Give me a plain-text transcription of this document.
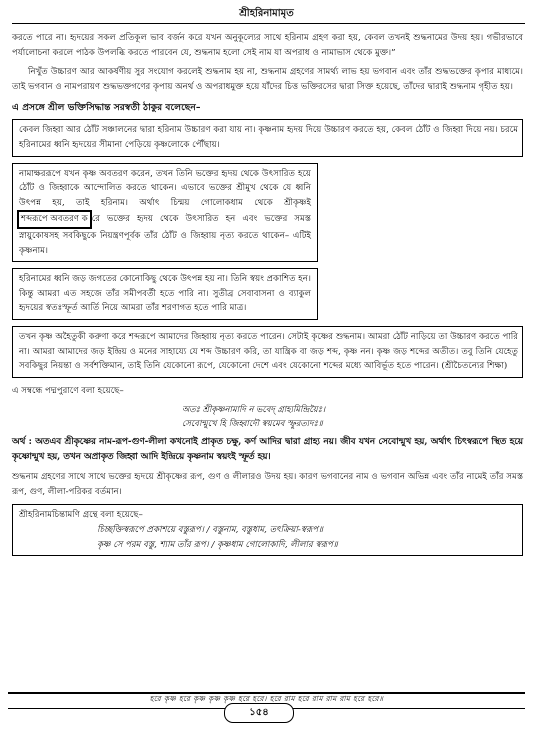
শ্রীহরিনামামৃত

করতে পারে না। হৃদয়ের সকল প্রতিকূল ভাব বর্জন করে যখন অনুকূল্যের সাথে হরিনাম গ্রহণ করা হয়, কেবল তখনই শুদ্ধনামের উদয় হয়। গভীরভাবে পর্যালোচনা করলে পাঠক উপলব্ধি করতে পারবেন যে, শুদ্ধনাম হলো সেই নাম যা অপরাধ ও নামাভাস থেকে মুক্ত।”

নিখুঁত উচ্চারণ আর আকর্ষণীয় সুর সংযোগ করলেই শুদ্ধনাম হয় না, শুদ্ধনাম গ্রহণের সামর্থ্য লাভ হয় ভগবান এবং তাঁর শুদ্ধভক্তের কৃপার মাধ্যমে। তাই ভগবান ও নামপরায়ণ শুদ্ধভক্তগণের কৃপায় অনর্থ ও অপরাধমুক্ত হয়ে যাঁদের চিত্ত ভক্তিরসের দ্বারা সিক্ত হয়েছে, তাঁদের দ্বারাই শুদ্ধনাম গৃহীত হয়।

এ প্রসঙ্গে শ্রীল ভক্তিসিদ্ধান্ত সরস্বতী ঠাকুর বলেছেন–

কেবল জিহ্বা আর ঠোঁট সঞ্চালনের দ্বারা হরিনাম উচ্চারণ করা যায় না। কৃষ্ণনাম হৃদয় দিয়ে উচ্চারণ করতে হয়, কেবল ঠোঁট ও জিহ্বা দিয়ে নয়। চরমে হরিনামের ধ্বনি হৃদয়ের সীমানা পেড়িয়ে কৃষ্ণলোকে পৌঁছায়।

নামাক্ষররূপে যখন কৃষ্ণ অবতরণ করেন, তখন তিনি ভক্তের হৃদয় থেকে উৎসারিত হয়ে ঠোঁট ও জিহ্বাকে আন্দোলিত করতে থাকেন। এভাবে ভক্তের শ্রীমুখ থেকে যে ধ্বনি উৎপন্ন হয়, তাই হরিনাম। অর্থাৎ চিন্ময় গোলোকধাম থেকে শ্রীকৃষ্ণই শব্দরূপে অবতরণ ক রে ভক্তের হৃদয় থেকে উৎসারিত হন এবং ভক্তের সমস্ত স্নায়ুকোষসহ সবকিছুকে নিয়ন্ত্রণপূর্বক তাঁর ঠোঁট ও জিহ্বায় নৃত্য করতে থাকেন– এটিই কৃষ্ণনাম।

হরিনামের ধ্বনি জড় জগতের কোনোকিছু থেকে উৎপন্ন হয় না। তিনি স্বয়ং প্রকাশিত হন। কিন্তু আমরা এত সহজে তাঁর সমীপবর্তী হতে পারি না। সুতীব্র সেবাবাসনা ও ব্যাকুল হৃদয়ের স্বতঃস্ফূর্ত আর্তি নিয়ে আমরা তাঁর শরণাগত হতে পারি মাত্র।

তখন কৃষ্ণ অহৈতুকী করুণা করে শব্দরূপে আমাদের জিহ্বায় নৃত্য করতে পারেন। সেটাই কৃষ্ণের শুদ্ধনাম। আমরা ঠোঁট নাড়িয়ে তা উচ্চারণ করতে পারি না। আমরা আমাদের জড় ইন্দ্রিয় ও মনের সাহায্যে যে শব্দ উচ্চারণ করি, তা যান্ত্রিক বা জড় শব্দ, কৃষ্ণ নন। কৃষ্ণ জড় শব্দের অতীত। তবু তিনি যেহেতু সবকিছুর নিয়ন্তা ও সর্বশক্তিমান, তাই তিনি যেকোনো রূপে, যেকোনো দেশে এবং যেকোনো শব্দের মধ্যে আবির্ভূত হতে পারেন। (শ্রীচৈতন্যের শিক্ষা)

এ সম্বন্ধে পদ্মপুরাণে বলা হয়েছে–

অতঃ শ্রীকৃষ্ণনামাদি ন ভবেদ্ গ্রাহ্যমিন্দ্রিয়ৈঃ।
সেবোন্মুখে হি জিহ্বাদৌ স্বয়মেব স্ফুরত্যদঃ॥

অর্থ : অতএব শ্রীকৃষ্ণের নাম-রূপ-গুণ-লীলা কখনোই প্রাকৃত চক্ষু, কর্ণ আদির দ্বারা গ্রাহ্য নয়। জীব যখন সেবোন্মুখ হয়, অর্থাৎ চিৎস্বরূপে স্থিত হয়ে কৃষ্ণোন্মুখ হয়, তখন অপ্রাকৃত জিহ্বা আদি ইন্দ্রিয়ে কৃষ্ণনাম স্বয়ংই স্ফূর্ত হয়।

শুদ্ধনাম গ্রহণের সাথে সাথে ভক্তের হৃদয়ে শ্রীকৃষ্ণের রূপ, গুণ ও লীলারও উদয় হয়। কারণ ভগবানের নাম ও ভগবান অভিন্ন এবং তাঁর নামেই তাঁর সমস্ত রূপ, গুণ, লীলা-পরিকর বর্তমান।

শ্রীহরিনামচিন্তামণি গ্রন্থে বলা হয়েছে–

চিচ্ছক্তিস্বরূপে প্রকাশয়ে বস্তুরূপ। / বস্তুনাম, বস্তুধাম, তৎক্রিয়া-স্বরূপ॥

কৃষ্ণ সে পরম বস্তু, শ্যাম তাঁর রূপ। / কৃষ্ণধাম গোলোকাদি, লীলার স্বরূপ॥

হরে কৃষ্ণ হরে কৃষ্ণ কৃষ্ণ কৃষ্ণ হরে হরে। হরে রাম হরে রাম রাম রাম হরে হরে॥
১৫৪
